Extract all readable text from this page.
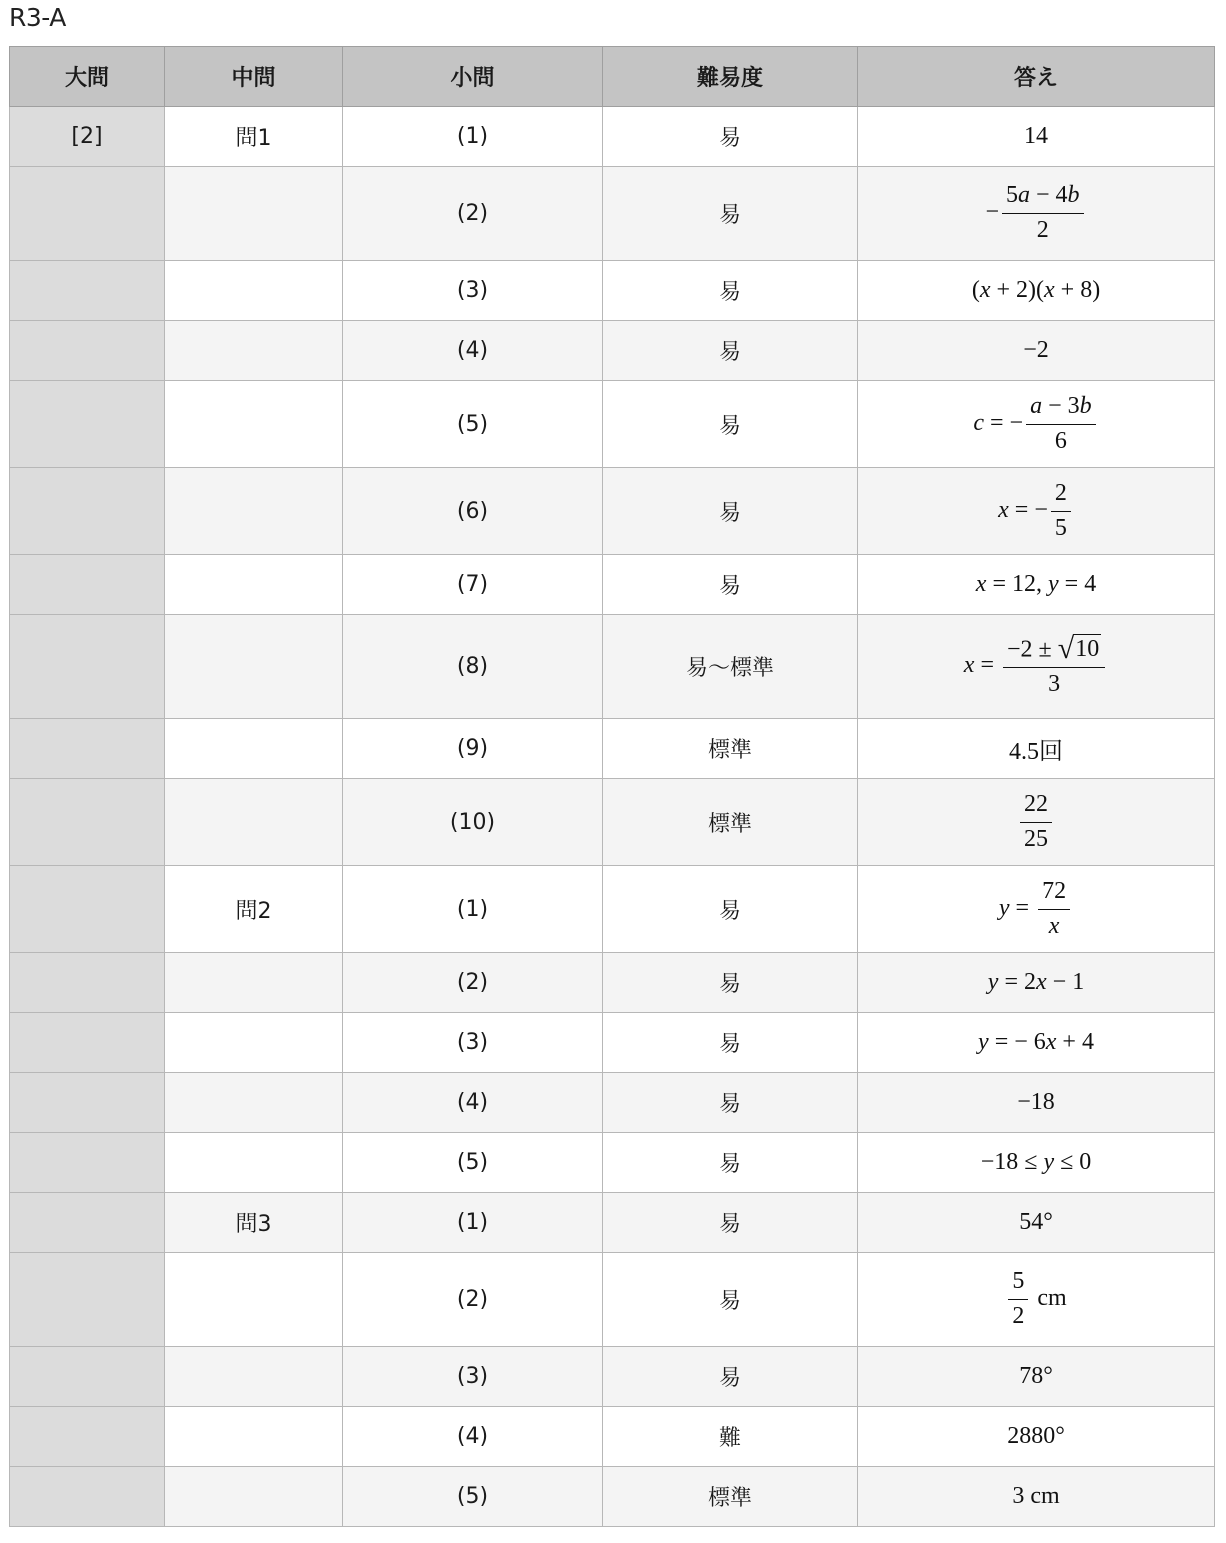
R3-A
大問	中問	小問	難易度	答え
[2]	問1	(1)	易	14
		(2)	易	− $\frac{5a - 4b}{2}$

		(3)	易	(x + 2)(x + 8)
		(4)	易	−2
		(5)	易	c = − $\frac{a - 3b}{6}$

		(6)	易	x = − $\frac{2}{5}$

		(7)	易	x = 12, y = 4
		(8)	易〜標準	$x = \frac{-2 \pm √ 10}{3}$

		(9)	標準	4.5回
		(10)	標準	$\frac{22}{25}$

	問2	(1)	易	$y = \frac{72}{x}$

		(2)	易	y = 2x − 1
		(3)	易	y = − 6x + 4
		(4)	易	−18
		(5)	易	−18 ≤ y ≤ 0
	問3	(1)	易	54°
		(2)	易	$\frac{5}{2}$ cm
		(3)	易	78°
		(4)	難	2880°
		(5)	標準	3 cm
